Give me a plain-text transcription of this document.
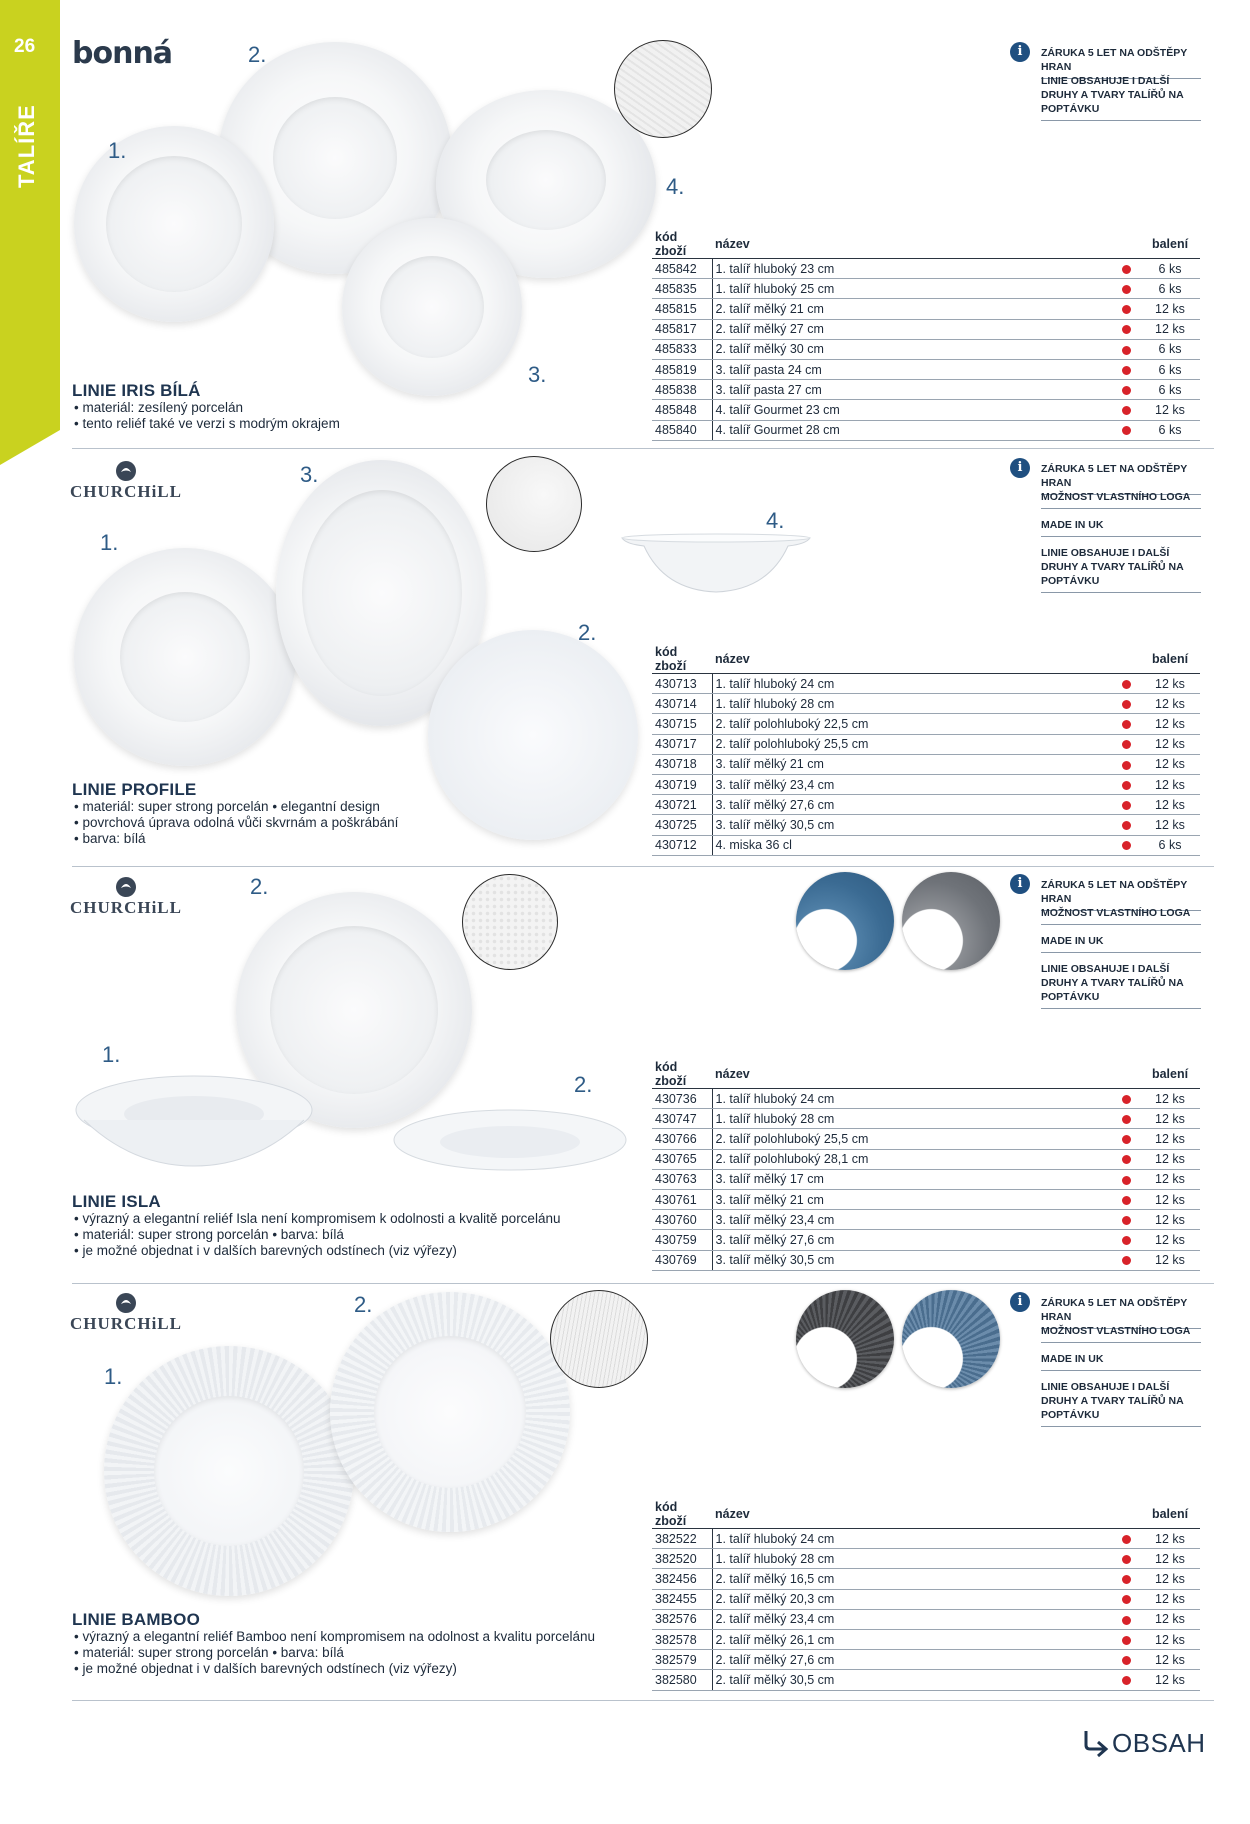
26
TALÍŘE
bonná	2.
1.
3.
4.
LINIE IRIS BÍLÁ
• materiál: zesílený porcelán
• tento reliéf také ve verzi s modrým okrajem
i	ZÁRUKA 5 LET NA ODŠTĚPY HRAN
LINIE OBSAHUJE I DALŠÍ DRUHY A TVARY TALÍŘŮ NA POPTÁVKU
kód zboží	název		balení
485842	1. talíř hluboký 23 cm		6 ks
485835	1. talíř hluboký 25 cm		6 ks
485815	2. talíř mělký 21 cm		12 ks
485817	2. talíř mělký 27 cm		12 ks
485833	2. talíř mělký 30 cm		6 ks
485819	3. talíř pasta 24 cm		6 ks
485838	3. talíř pasta 27 cm		6 ks
485848	4. talíř Gourmet 23 cm		12 ks
485840	4. talíř Gourmet 28 cm		6 ks
CHURCHiLL
1.
2.
3.
4.
LINIE PROFILE
• materiál: super strong porcelán • elegantní design
• povrchová úprava odolná vůči skvrnám a poškrábání
• barva: bílá
i	ZÁRUKA 5 LET NA ODŠTĚPY HRAN
MOŽNOST VLASTNÍHO LOGA
MADE IN UK
LINIE OBSAHUJE I DALŠÍ DRUHY A TVARY TALÍŘŮ NA POPTÁVKU
kód zboží	název		balení
430713	1. talíř hluboký 24 cm		12 ks
430714	1. talíř hluboký 28 cm		12 ks
430715	2. talíř polohluboký 22,5 cm		12 ks
430717	2. talíř polohluboký 25,5 cm		12 ks
430718	3. talíř mělký 21 cm		12 ks
430719	3. talíř mělký 23,4 cm		12 ks
430721	3. talíř mělký 27,6 cm		12 ks
430725	3. talíř mělký 30,5 cm		12 ks
430712	4. miska 36 cl		6 ks
CHURCHiLL
2.
1.
2.
LINIE ISLA
• výrazný a elegantní reliéf Isla není kompromisem k odolnosti a kvalitě porcelánu
• materiál: super strong porcelán • barva: bílá
• je možné objednat i v dalších barevných odstínech (viz výřezy)
i	ZÁRUKA 5 LET NA ODŠTĚPY HRAN
MOŽNOST VLASTNÍHO LOGA
MADE IN UK
LINIE OBSAHUJE I DALŠÍ DRUHY A TVARY TALÍŘŮ NA POPTÁVKU
kód zboží	název		balení
430736	1. talíř hluboký 24 cm		12 ks
430747	1. talíř hluboký 28 cm		12 ks
430766	2. talíř polohluboký 25,5 cm		12 ks
430765	2. talíř polohluboký 28,1 cm		12 ks
430763	3. talíř mělký 17 cm		12 ks
430761	3. talíř mělký 21 cm		12 ks
430760	3. talíř mělký 23,4 cm		12 ks
430759	3. talíř mělký 27,6 cm		12 ks
430769	3. talíř mělký 30,5 cm		12 ks
CHURCHiLL
2.
1.
LINIE BAMBOO
• výrazný a elegantní reliéf Bamboo není kompromisem na odolnost a kvalitu porcelánu
• materiál: super strong porcelán • barva: bílá
• je možné objednat i v dalších barevných odstínech (viz výřezy)
i	ZÁRUKA 5 LET NA ODŠTĚPY HRAN
MOŽNOST VLASTNÍHO LOGA
MADE IN UK
LINIE OBSAHUJE I DALŠÍ DRUHY A TVARY TALÍŘŮ NA POPTÁVKU
kód zboží	název		balení
382522	1. talíř hluboký 24 cm		12 ks
382520	1. talíř hluboký 28 cm		12 ks
382456	2. talíř mělký 16,5 cm		12 ks
382455	2. talíř mělký 20,3 cm		12 ks
382576	2. talíř mělký 23,4 cm		12 ks
382578	2. talíř mělký 26,1 cm		12 ks
382579	2. talíř mělký 27,6 cm		12 ks
382580	2. talíř mělký 30,5 cm		12 ks
OBSAH
